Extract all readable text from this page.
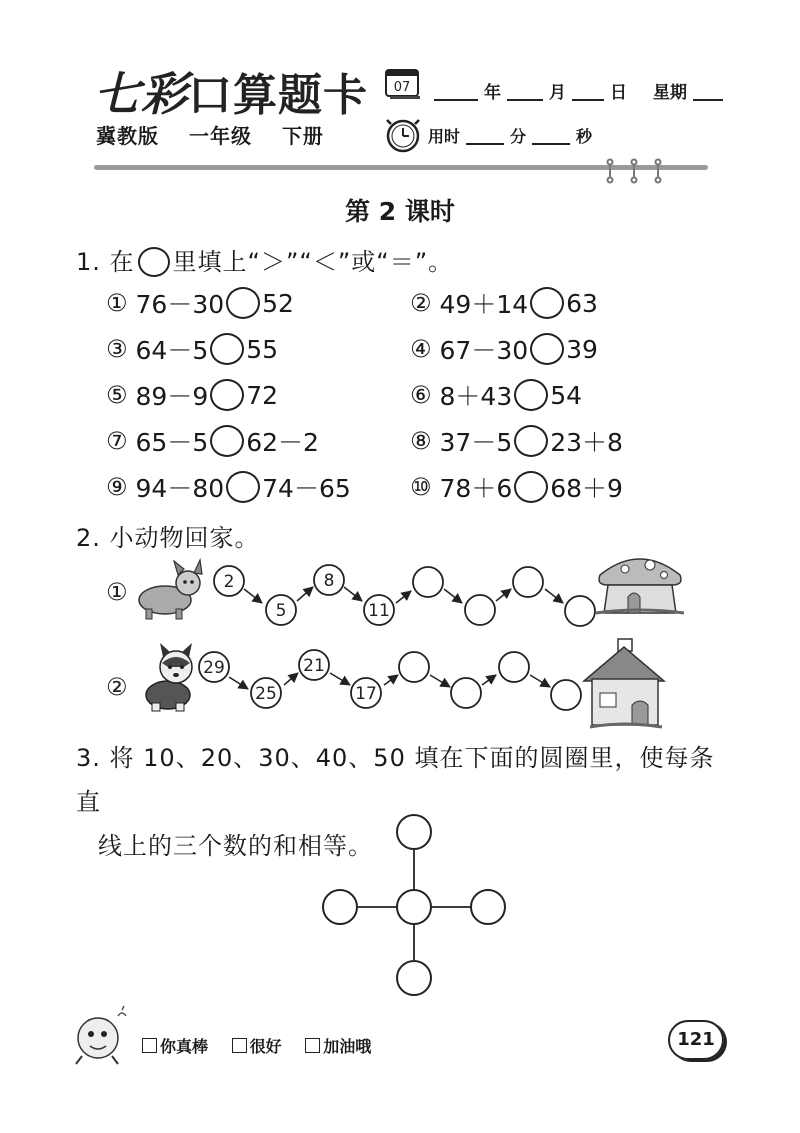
七彩口算题卡
冀教版 一年级 下册
07	年	月	日 星期
用时	分	秒
第 2 课时
1. 在 里填上“＞”“＜”或“＝”。
① 76－30 52	② 49＋14 63
③ 64－5 55	④ 67－30 39
⑤ 89－9 72	⑥ 8＋43 54
⑦ 65－5 62－2	⑧ 37－5 23＋8
⑨ 94－80 74－65 ⑩ 78＋6 68＋9
2. 小动物回家。
①	2
5
8
11
②
29
25
21
17
3. 将 10、20、30、40、50 填在下面的圆圈里，使每条直
线上的三个数的和相等。
你真棒	很好	加油哦	121
